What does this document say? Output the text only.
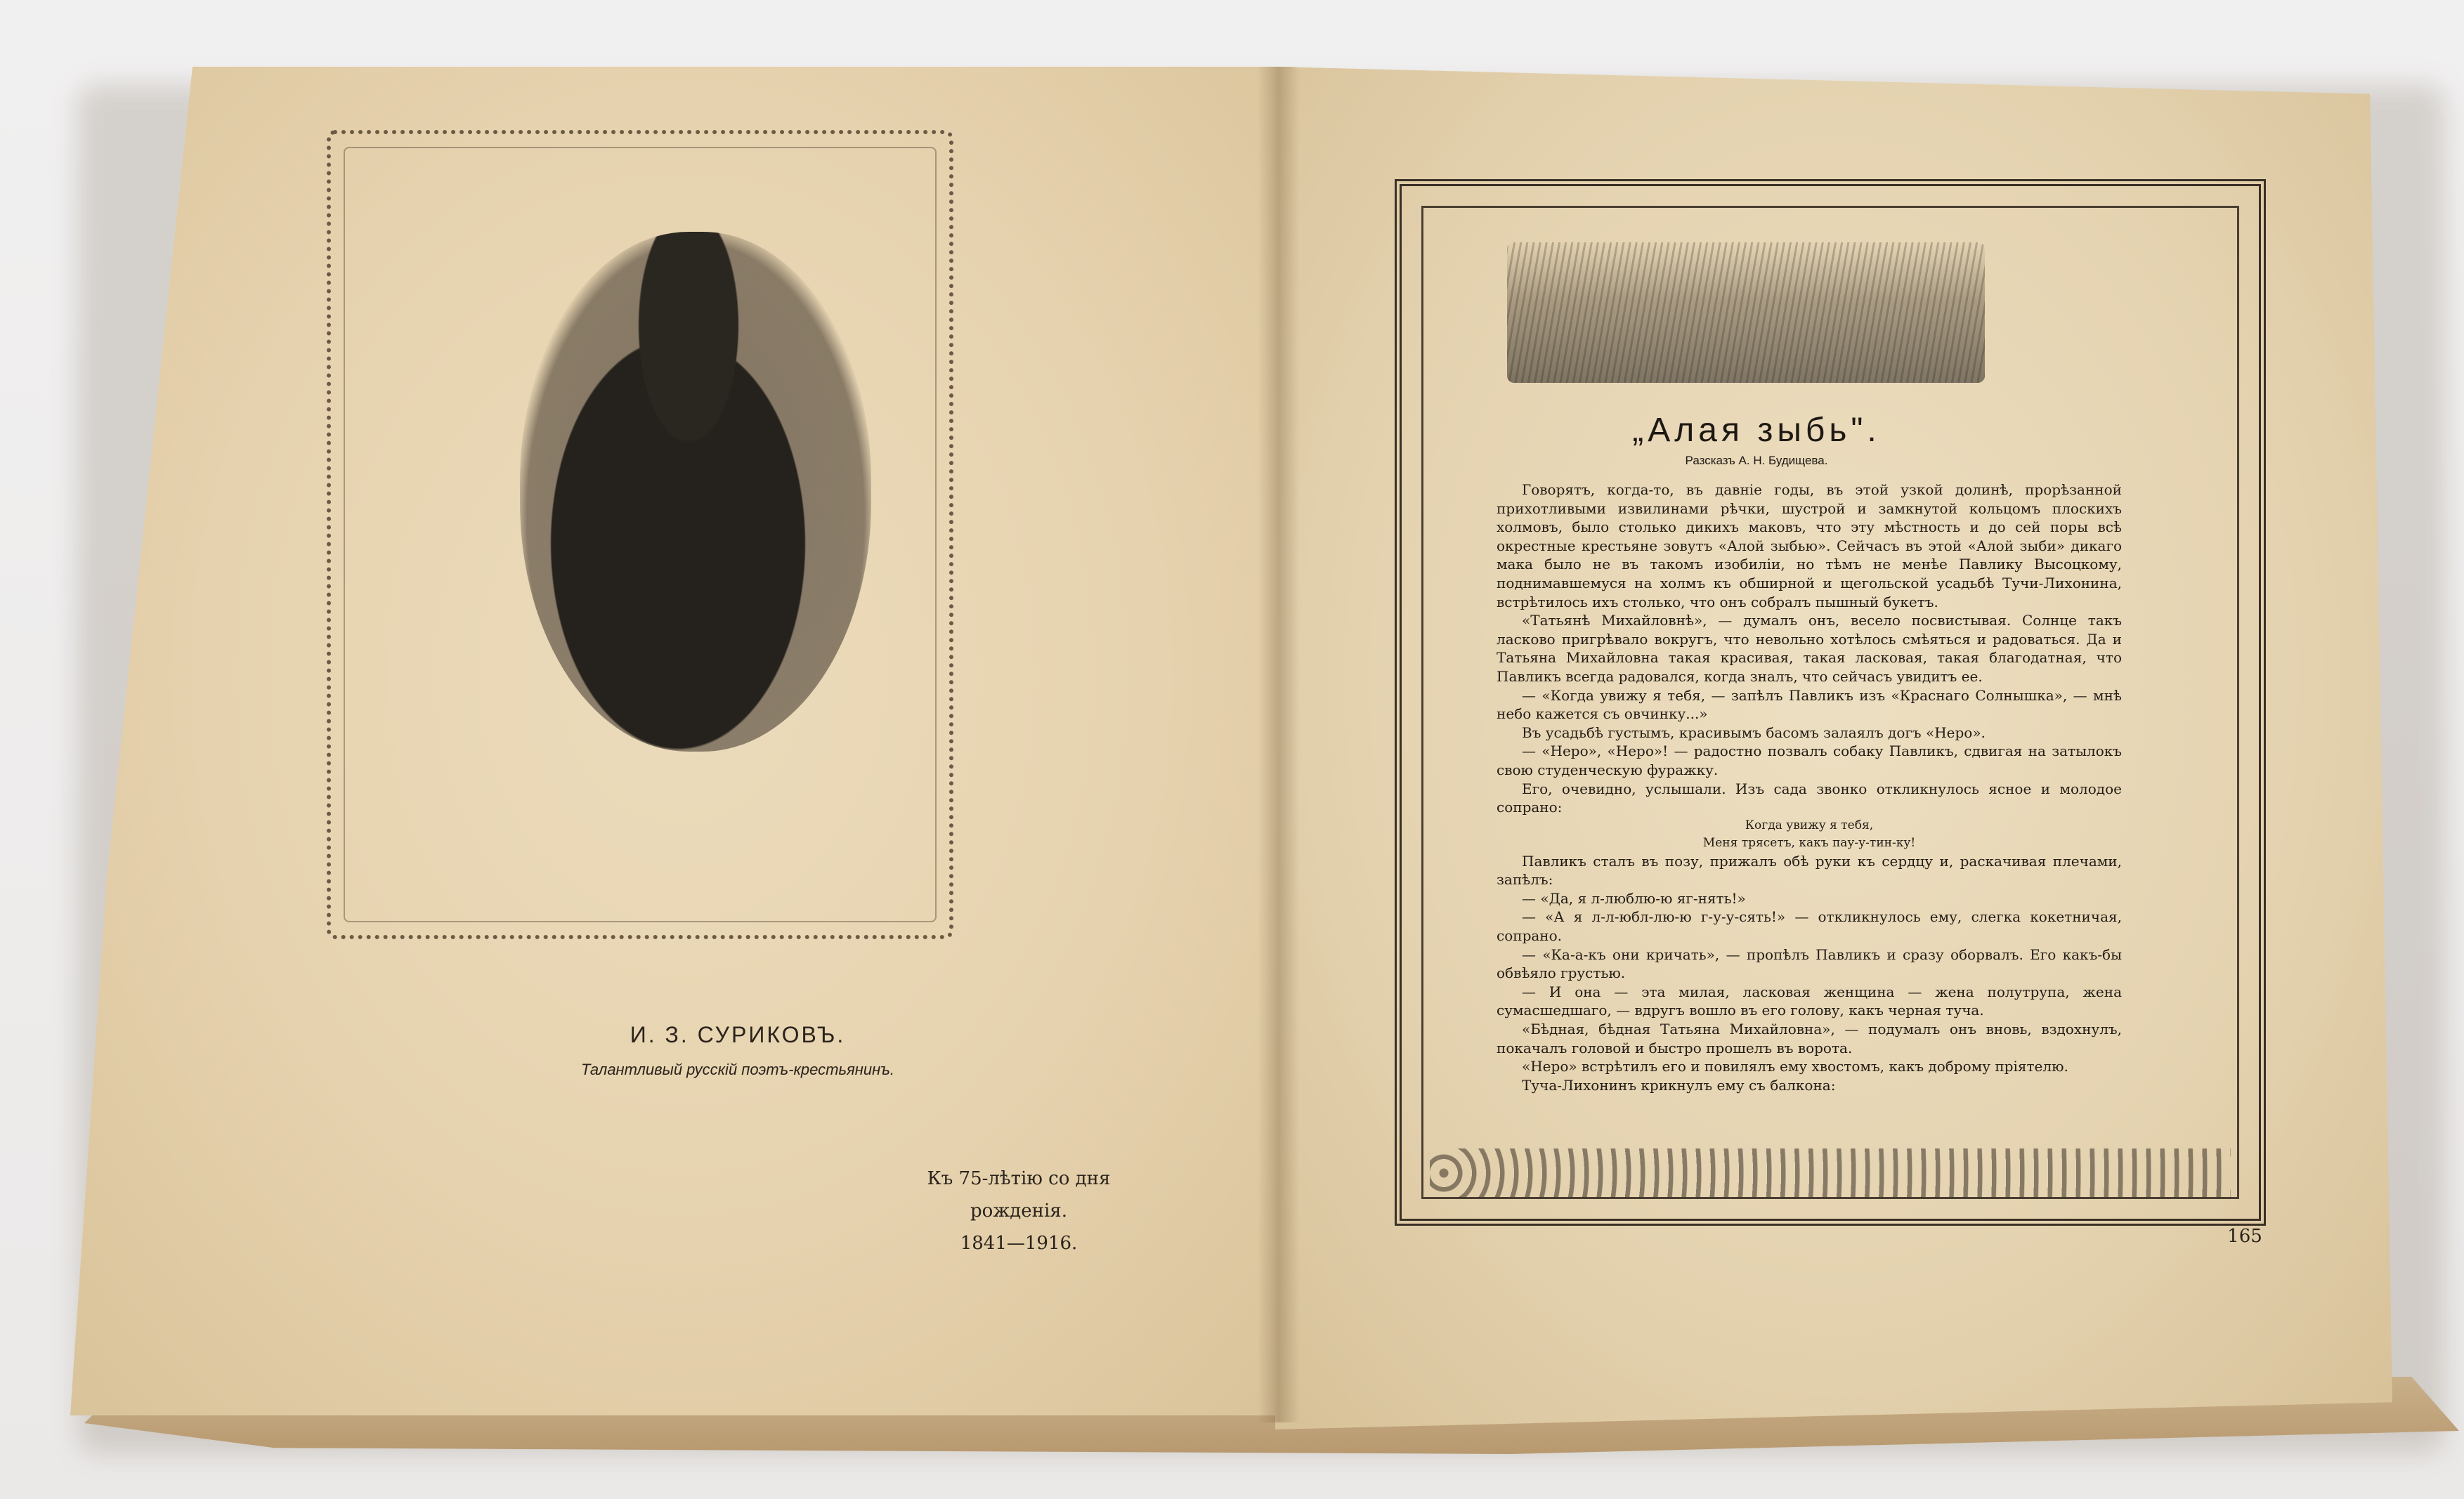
И. З. СУРИКОВЪ.
Талантливый русскій поэтъ-крестьянинъ.
Къ 75-лѣтію со дня рожденія.
1841—1916.
„Алая зыбь".
Разсказъ А. Н. Будищева.

Говорятъ, когда-то, въ давніе годы, въ этой узкой долинѣ, прорѣзанной прихотливыми извилинами рѣчки, шустрой и замкнутой кольцомъ плоскихъ холмовъ, было столько дикихъ маковъ, что эту мѣстность и до сей поры всѣ окрестные крестьяне зовутъ «Алой зыбью». Сейчасъ въ этой «Алой зыби» дикаго мака было не въ такомъ изобиліи, но тѣмъ не менѣе Павлику Высоцкому, поднимавшемуся на холмъ къ обширной и щегольской усадьбѣ Тучи-Лихонина, встрѣтилось ихъ столько, что онъ собралъ пышный букетъ.

«Татьянѣ Михайловнѣ», — думалъ онъ, весело посвистывая. Солнце такъ ласково пригрѣвало вокругъ, что невольно хотѣлось смѣяться и радоваться. Да и Татьяна Михайловна такая красивая, такая ласковая, такая благодатная, что Павликъ всегда радовался, когда зналъ, что сейчасъ увидитъ ее.

— «Когда увижу я тебя, — запѣлъ Павликъ изъ «Краснаго Солнышка», — мнѣ небо кажется съ овчинку...»

Въ усадьбѣ густымъ, красивымъ басомъ залаялъ догъ «Неро».

— «Неро», «Неро»! — радостно позвалъ собаку Павликъ, сдвигая на затылокъ свою студенческую фуражку.

Его, очевидно, услышали. Изъ сада звонко откликнулось ясное и молодое сопрано:

Когда увижу я тебя,

Меня трясетъ, какъ пау-у-тин-ку!

Павликъ сталъ въ позу, прижалъ обѣ руки къ сердцу и, раскачивая плечами, запѣлъ:

— «Да, я л-люблю-ю яг-нять!»

— «А я л-л-юбл-лю-ю г-у-у-сять!» — откликнулось ему, слегка кокетничая, сопрано.

— «Ка-а-къ они кричать», — пропѣлъ Павликъ и сразу оборвалъ. Его какъ-бы обвѣяло грустью.

— И она — эта милая, ласковая женщина — жена полутрупа, жена сумасшедшаго, — вдругъ вошло въ его голову, какъ черная туча.

«Бѣдная, бѣдная Татьяна Михайловна», — подумалъ онъ вновь, вздохнулъ, покачалъ головой и быстро прошелъ въ ворота.

«Неро» встрѣтилъ его и повилялъ ему хвостомъ, какъ доброму пріятелю.

Туча-Лихонинъ крикнулъ ему съ балкона:

165
